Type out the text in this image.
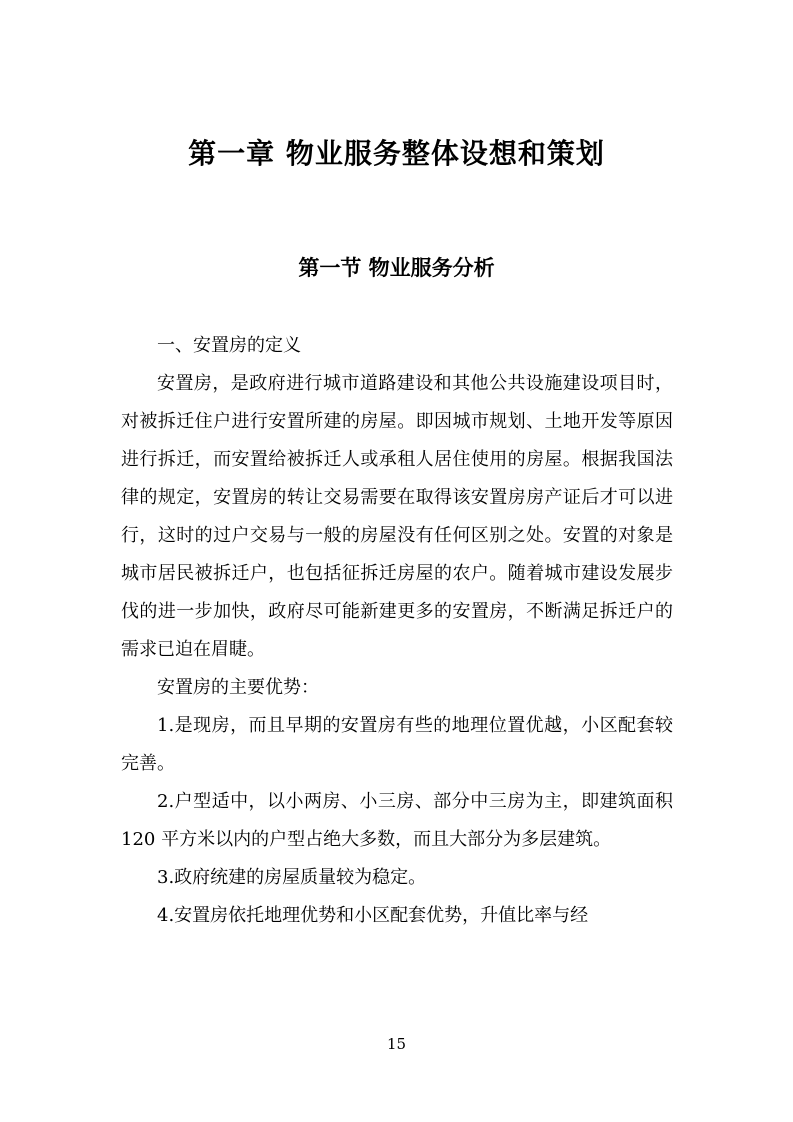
第一章 物业服务整体设想和策划
第一节 物业服务分析

一、安置房的定义

安置房，是政府进行城市道路建设和其他公共设施建设项目时，对被拆迁住户进行安置所建的房屋。即因城市规划、土地开发等原因进行拆迁，而安置给被拆迁人或承租人居住使用的房屋。根据我国法律的规定，安置房的转让交易需要在取得该安置房房产证后才可以进行，这时的过户交易与一般的房屋没有任何区别之处。安置的对象是城市居民被拆迁户，也包括征拆迁房屋的农户。随着城市建设发展步伐的进一步加快，政府尽可能新建更多的安置房，不断满足拆迁户的需求已迫在眉睫。

安置房的主要优势：

1.是现房，而且早期的安置房有些的地理位置优越，小区配套较完善。

2.户型适中，以小两房、小三房、部分中三房为主，即建筑面积 120 平方米以内的户型占绝大多数，而且大部分为多层建筑。

3.政府统建的房屋质量较为稳定。

4.安置房依托地理优势和小区配套优势，升值比率与经

15
